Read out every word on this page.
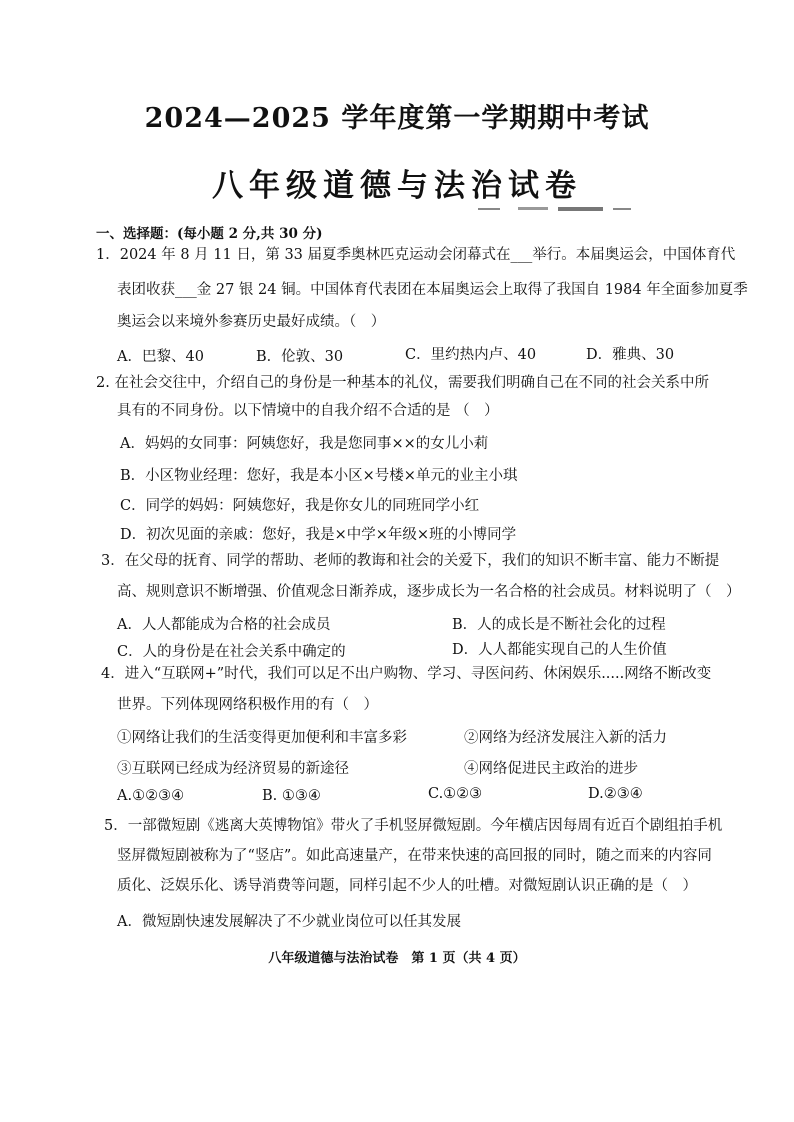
2024—2025 学年度第一学期期中考试
八年级道德与法治试卷
一、选择题：(每小题 2 分,共 30 分)
1．2024 年 8 月 11 日，第 33 届夏季奥林匹克运动会闭幕式在___举行。本届奥运会，中国体育代
表团收获___金 27 银 24 铜。中国体育代表团在本届奥运会上取得了我国自 1984 年全面参加夏季
奥运会以来境外参赛历史最好成绩。（　）
A．巴黎、40	B．伦敦、30	C．里约热内卢、40	D．雅典、30
2. 在社会交往中，介绍自己的身份是一种基本的礼仪，需要我们明确自己在不同的社会关系中所
具有的不同身份。以下情境中的自我介绍不合适的是 （　）
A．妈妈的女同事：阿姨您好，我是您同事××的女儿小莉
B．小区物业经理：您好，我是本小区×号楼×单元的业主小琪
C．同学的妈妈：阿姨您好，我是你女儿的同班同学小红
D．初次见面的亲戚：您好，我是×中学×年级×班的小博同学
3．在父母的抚育、同学的帮助、老师的教诲和社会的关爱下，我们的知识不断丰富、能力不断提
高、规则意识不断增强、价值观念日渐养成，逐步成长为一名合格的社会成员。材料说明了（　）
A．人人都能成为合格的社会成员	B．人的成长是不断社会化的过程
C．人的身份是在社会关系中确定的	D．人人都能实现自己的人生价值
4．进入“互联网+”时代，我们可以足不出户购物、学习、寻医问药、休闲娱乐.....网络不断改变
世界。下列体现网络积极作用的有（　）
①网络让我们的生活变得更加便利和丰富多彩	②网络为经济发展注入新的活力
③互联网已经成为经济贸易的新途径	④网络促进民主政治的进步
A.①②③④	B. ①③④	C.①②③	D.②③④
5．一部微短剧《逃离大英博物馆》带火了手机竖屏微短剧。今年横店因每周有近百个剧组拍手机
竖屏微短剧被称为了“竖店”。如此高速量产，在带来快速的高回报的同时，随之而来的内容同
质化、泛娱乐化、诱导消费等问题，同样引起不少人的吐槽。对微短剧认识正确的是（　）
A．微短剧快速发展解决了不少就业岗位可以任其发展
八年级道德与法治试卷　第 1 页（共 4 页）
